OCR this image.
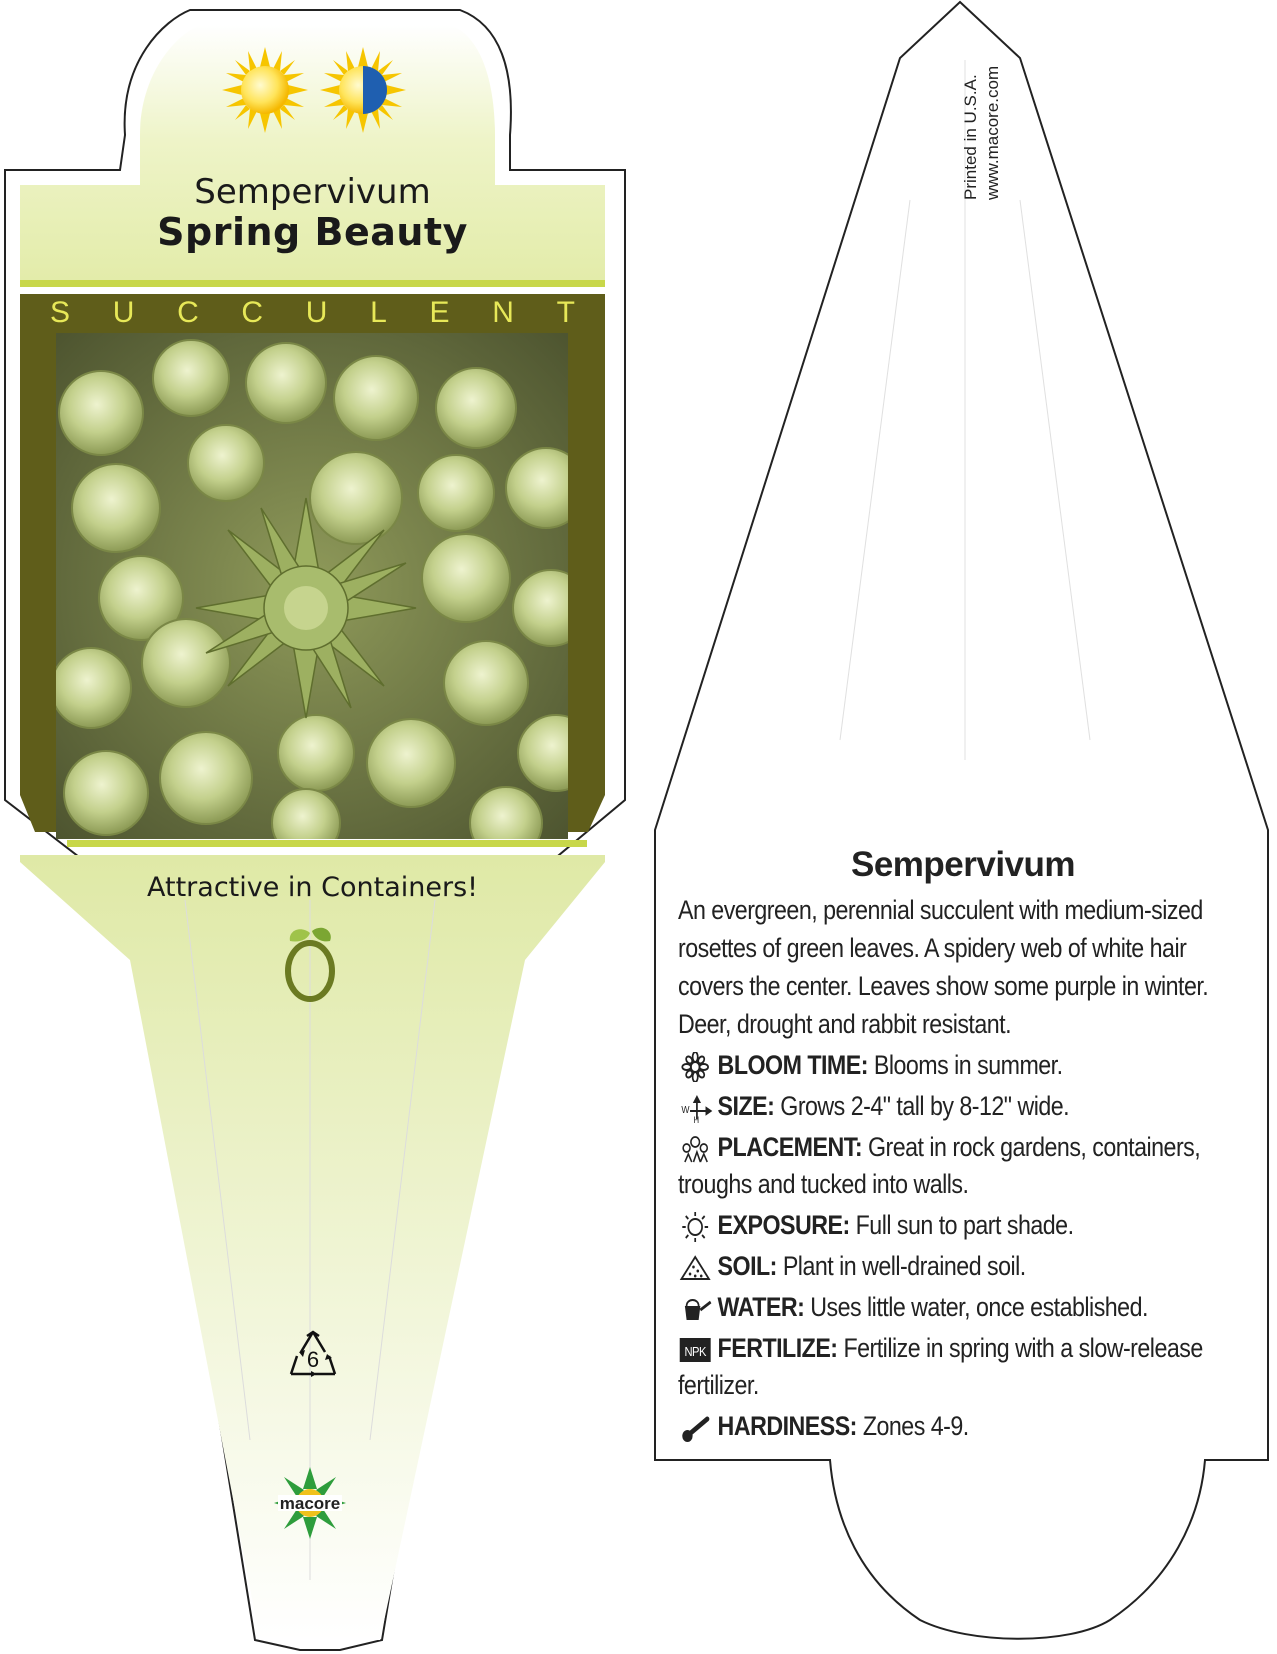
Sempervivum
Spring Beauty
S U C C U L E N T
Attractive in Containers!
6
macore
Printed in U.S.A. www.macore.com
Sempervivum
An evergreen, perennial succulent with medium-sized rosettes of green leaves. A spidery web of white hair covers the center. Leaves show some purple in winter. Deer, drought and rabbit resistant.
BLOOM TIME: Blooms in summer.
W
H SIZE: Grows 2-4" tall by 8-12" wide.
PLACEMENT: Great in rock gardens, containers, troughs and tucked into walls.
EXPOSURE: Full sun to part shade.
SOIL: Plant in well-drained soil.
WATER: Uses little water, once established.
NPK FERTILIZE: Fertilize in spring with a slow-release fertilizer.
HARDINESS: Zones 4-9.
